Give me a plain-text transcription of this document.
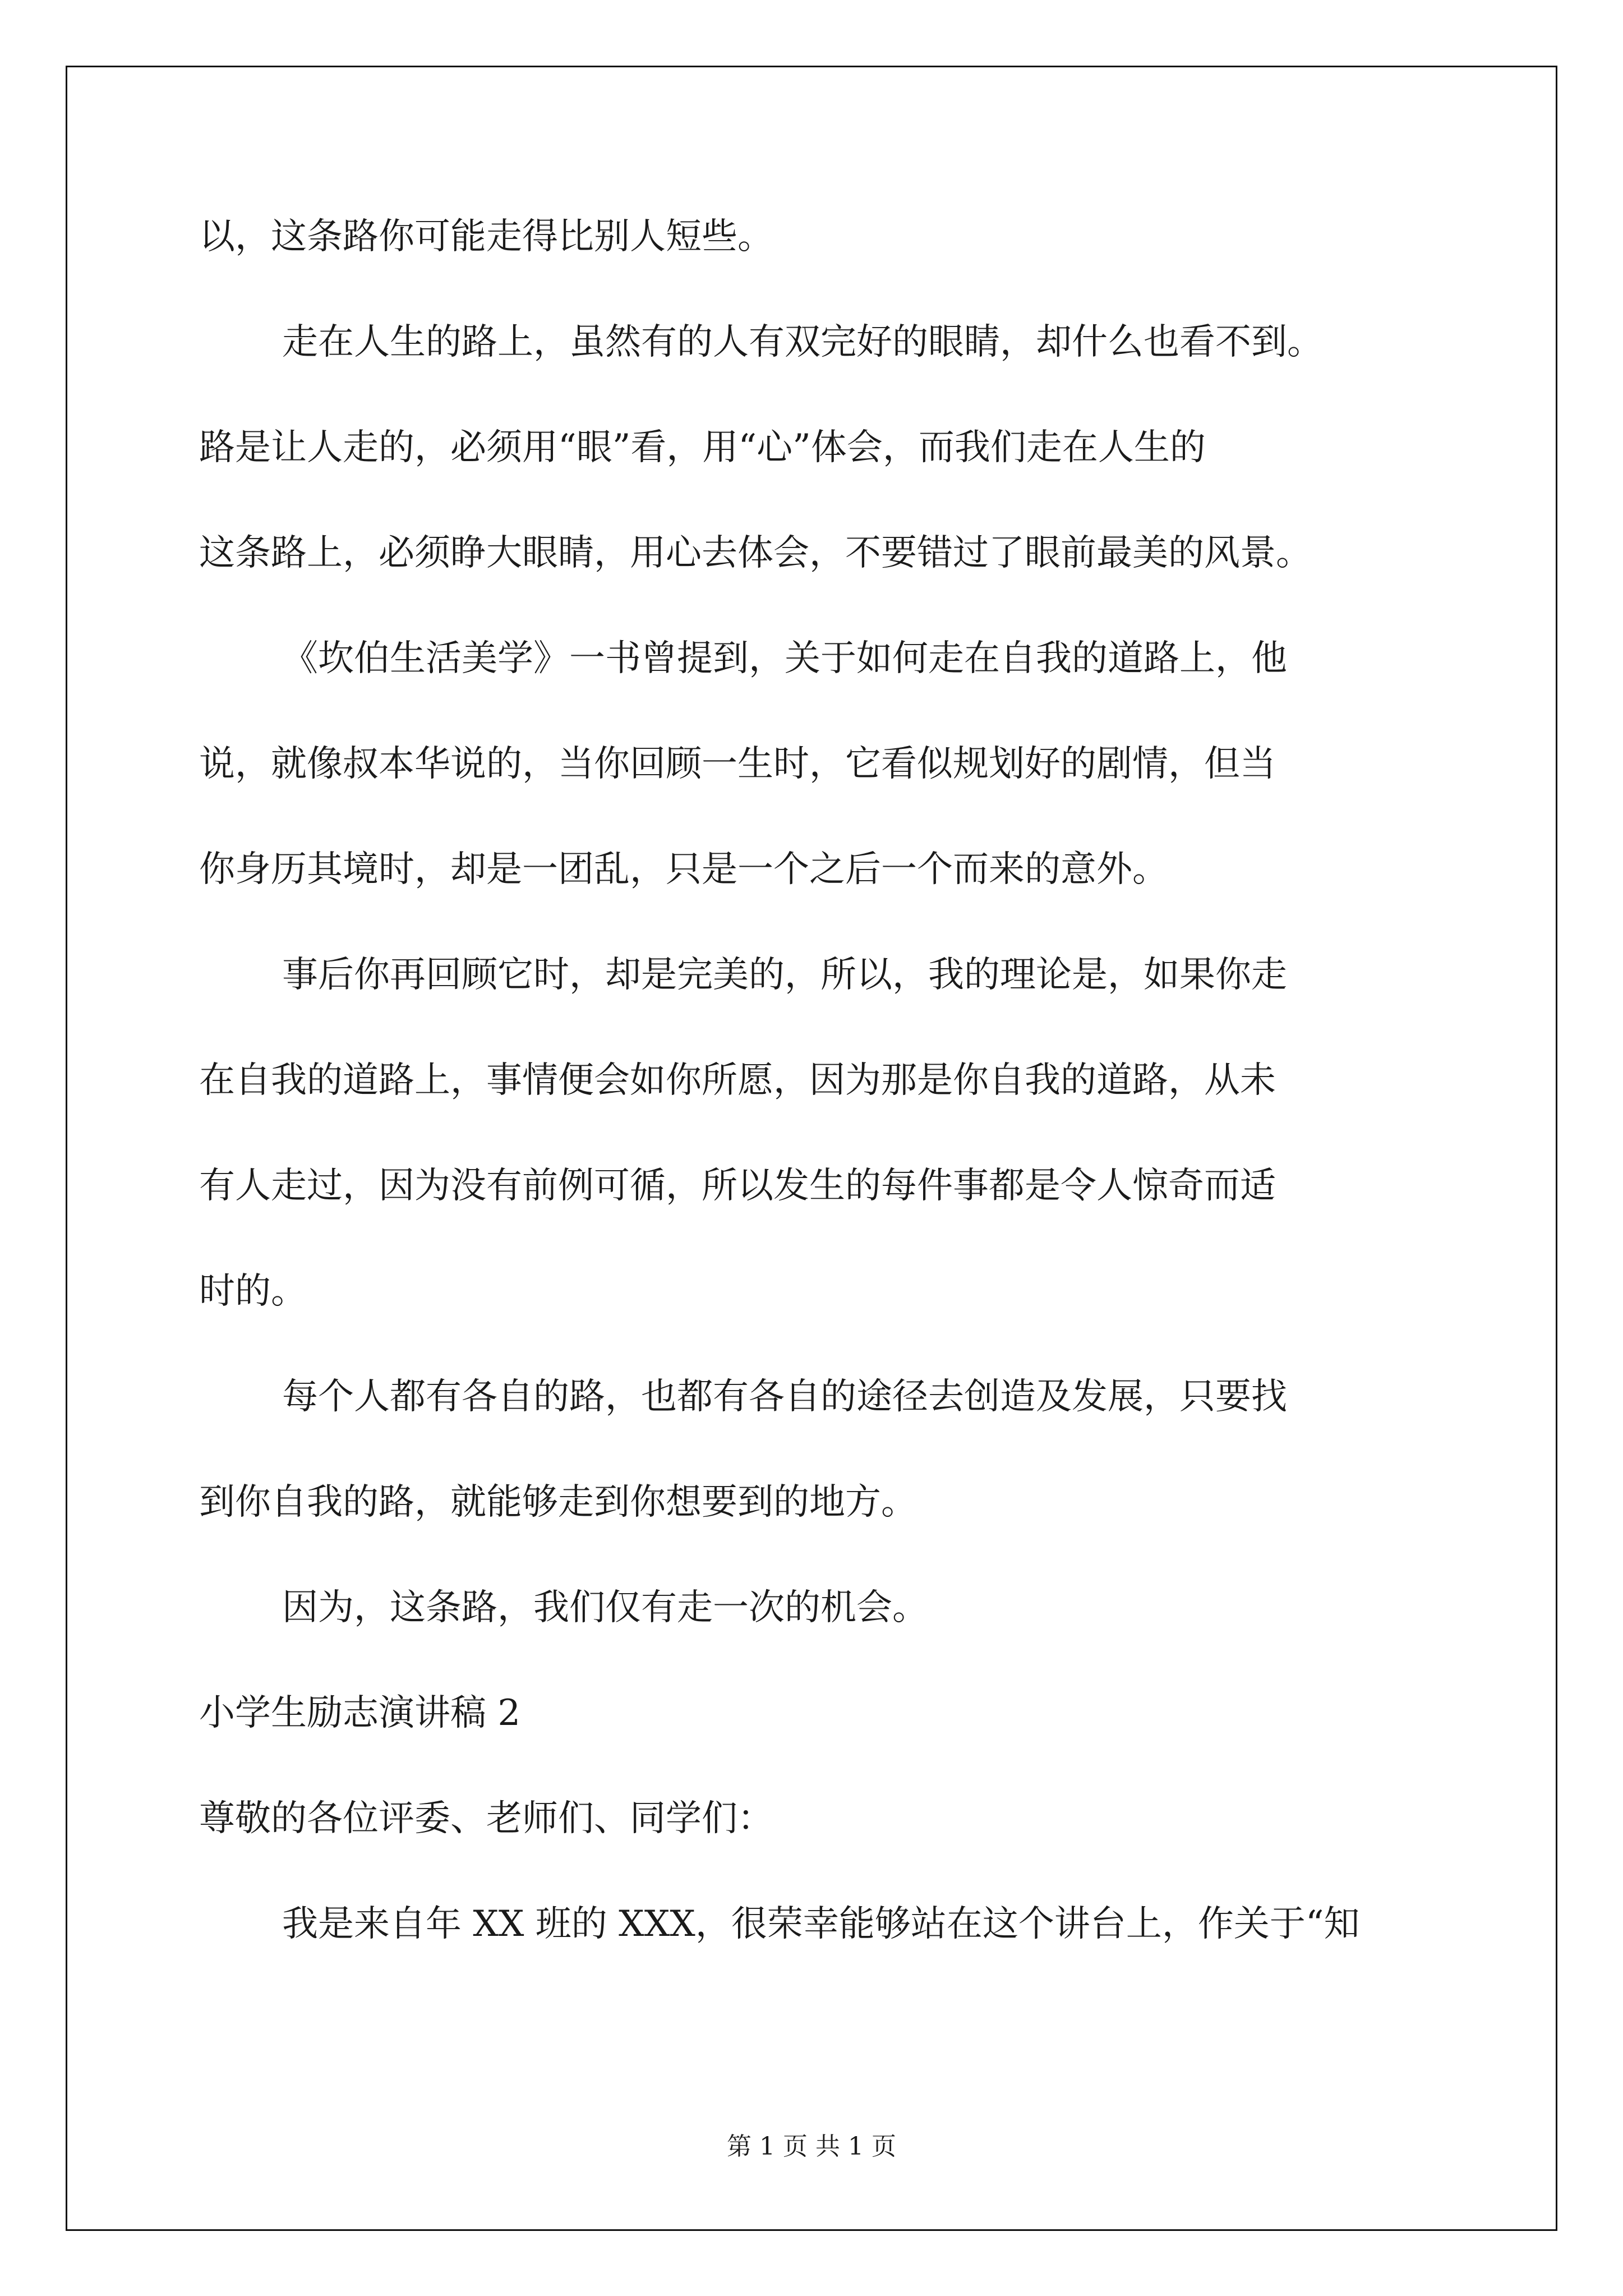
以，这条路你可能走得比别人短些。
走在人生的路上，虽然有的人有双完好的眼睛，却什么也看不到。
路是让人走的，必须用“眼”看，用“心”体会，而我们走在人生的
这条路上，必须睁大眼睛，用心去体会，不要错过了眼前最美的风景。
《坎伯生活美学》一书曾提到，关于如何走在自我的道路上，他
说，就像叔本华说的，当你回顾一生时，它看似规划好的剧情，但当
你身历其境时，却是一团乱，只是一个之后一个而来的意外。
事后你再回顾它时，却是完美的，所以，我的理论是，如果你走
在自我的道路上，事情便会如你所愿，因为那是你自我的道路，从未
有人走过，因为没有前例可循，所以发生的每件事都是令人惊奇而适
时的。
每个人都有各自的路，也都有各自的途径去创造及发展，只要找
到你自我的路，就能够走到你想要到的地方。
因为，这条路，我们仅有走一次的机会。
小学生励志演讲稿 2
尊敬的各位评委、老师们、同学们：
我是来自年 XX 班的 XXX，很荣幸能够站在这个讲台上，作关于“知
第 1 页 共 1 页
